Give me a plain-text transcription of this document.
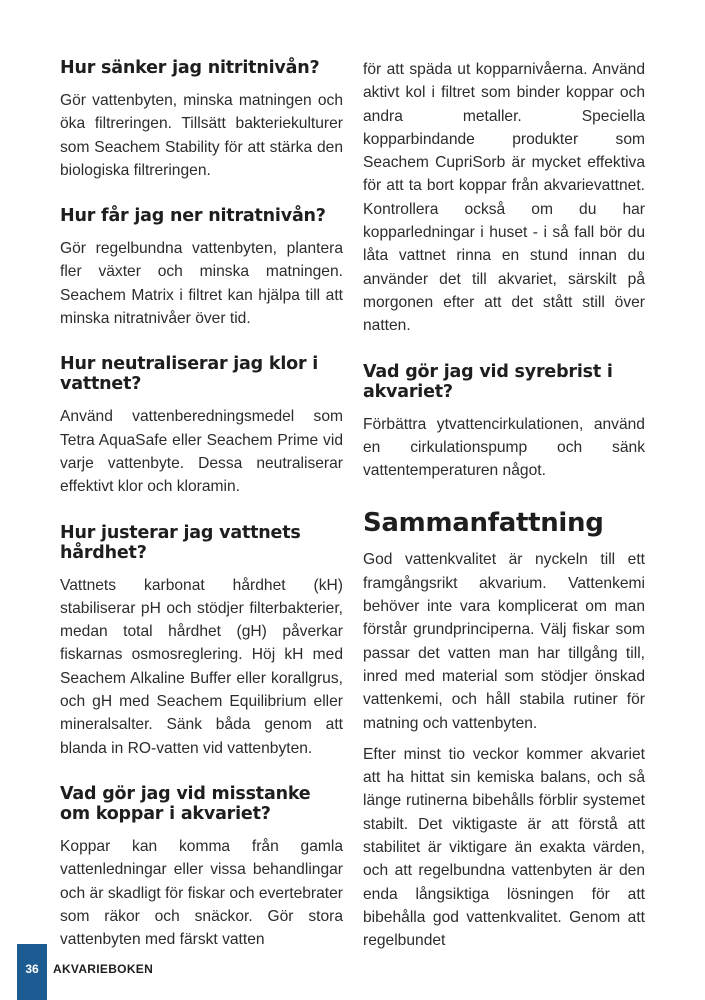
Hur sänker jag nitritnivån?

Gör vattenbyten, minska matningen och öka filtreringen. Tillsätt bakteriekulturer som Seachem Stability för att stärka den biologiska filtreringen.

Hur får jag ner nitratnivån?

Gör regelbundna vattenbyten, plantera fler växter och minska matningen. Seachem Matrix i filtret kan hjälpa till att minska nitratnivåer över tid.

Hur neutraliserar jag klor i vattnet?

Använd vattenberedningsmedel som Tetra AquaSafe eller Seachem Prime vid varje vattenbyte. Dessa neutraliserar effektivt klor och kloramin.

Hur justerar jag vattnets hårdhet?

Vattnets karbonat hårdhet (kH) stabiliserar pH och stödjer filterbakterier, medan total hårdhet (gH) påverkar fiskarnas osmosreglering. Höj kH med Seachem Alkaline Buffer eller korallgrus, och gH med Seachem Equilibrium eller mineralsalter. Sänk båda genom att blanda in RO-vatten vid vattenbyten.

Vad gör jag vid misstanke om koppar i akvariet?

Koppar kan komma från gamla vattenledningar eller vissa behandlingar och är skadligt för fiskar och evertebrater som räkor och snäckor. Gör stora vattenbyten med färskt vatten

för att späda ut kopparnivåerna. Använd aktivt kol i filtret som binder koppar och andra metaller. Speciella kopparbindande produkter som Seachem CupriSorb är mycket effektiva för att ta bort koppar från akvarievattnet. Kontrollera också om du har kopparledningar i huset - i så fall bör du låta vattnet rinna en stund innan du använder det till akvariet, särskilt på morgonen efter att det stått still över natten.

Vad gör jag vid syrebrist i akvariet?

Förbättra ytvattencirkulationen, använd en cirkulationspump och sänk vattentemperaturen något.

Sammanfattning

God vattenkvalitet är nyckeln till ett framgångsrikt akvarium. Vattenkemi behöver inte vara komplicerat om man förstår grundprinciperna. Välj fiskar som passar det vatten man har tillgång till, inred med material som stödjer önskad vattenkemi, och håll stabila rutiner för matning och vattenbyten.

Efter minst tio veckor kommer akvariet att ha hittat sin kemiska balans, och så länge rutinerna bibehålls förblir systemet stabilt. Det viktigaste är att förstå att stabilitet är viktigare än exakta värden, och att regelbundna vattenbyten är den enda långsiktiga lösningen för att bibehålla god vattenkvalitet. Genom att regelbundet

36	AKVARIEBOKEN
